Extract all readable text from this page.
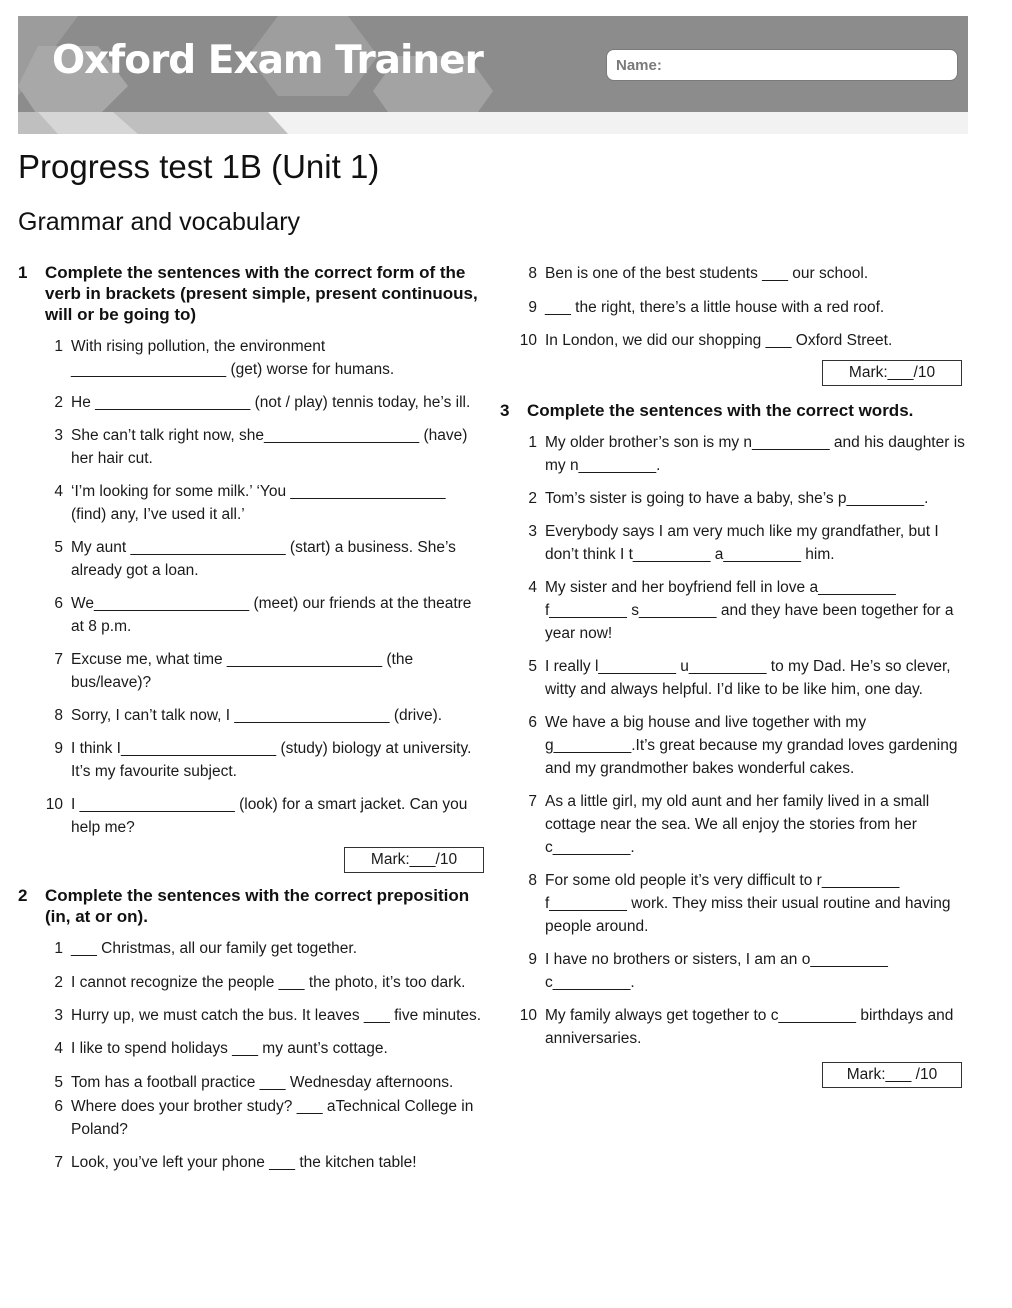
Oxford Exam Trainer	Name:
Progress test 1B (Unit 1)
Grammar and vocabulary
1	Complete the sentences with the correct form of the verb in brackets (present simple, present continuous, will or be going to)
1 With rising pollution, the environment __________________ (get) worse for humans.
2 He __________________ (not / play) tennis today, he’s ill.
3 She can’t talk right now, she__________________ (have) her hair cut.
4 ‘I’m looking for some milk.’ ‘You __________________ (find) any, I’ve used it all.’
5 My aunt __________________ (start) a business. She’s already got a loan.
6 We__________________ (meet) our friends at the theatre at 8 p.m.
7 Excuse me, what time __________________ (the bus/leave)?
8 Sorry, I can’t talk now, I __________________ (drive).
9 I think I__________________ (study) biology at university. It’s my favourite subject.
10 I __________________ (look) for a smart jacket. Can you help me?
Mark:___/10
2	Complete the sentences with the correct preposition (in, at or on).
1 ___ Christmas, all our family get together.
2 I cannot recognize the people ___ the photo, it’s too dark.
3 Hurry up, we must catch the bus. It leaves ___ five minutes.
4 I like to spend holidays ___ my aunt’s cottage.
5 Tom has a football practice ___ Wednesday afternoons.
6 Where does your brother study? ___ aTechnical College in Poland?
7 Look, you’ve left your phone ___ the kitchen table!
8 Ben is one of the best students ___ our school.
9 ___ the right, there’s a little house with a red roof.
10 In London, we did our shopping ___ Oxford Street.
Mark:___/10
3	Complete the sentences with the correct words.
1 My older brother’s son is my n_________ and his daughter is my n_________.
2 Tom’s sister is going to have a baby, she’s p_________.
3 Everybody says I am very much like my grandfather, but I don’t think I t_________ a_________ him.
4 My sister and her boyfriend fell in love a_________ f_________ s_________ and they have been together for a year now!
5 I really l_________ u_________ to my Dad. He’s so clever, witty and always helpful. I’d like to be like him, one day.
6 We have a big house and live together with my g_________.It’s great because my grandad loves gardening and my grandmother bakes wonderful cakes.
7 As a little girl, my old aunt and her family lived in a small cottage near the sea. We all enjoy the stories from her c_________.
8 For some old people it’s very difficult to r_________ f_________ work. They miss their usual routine and having people around.
9 I have no brothers or sisters, I am an o_________ c_________.
10 My family always get together to c_________ birthdays and anniversaries.
Mark:___ /10
